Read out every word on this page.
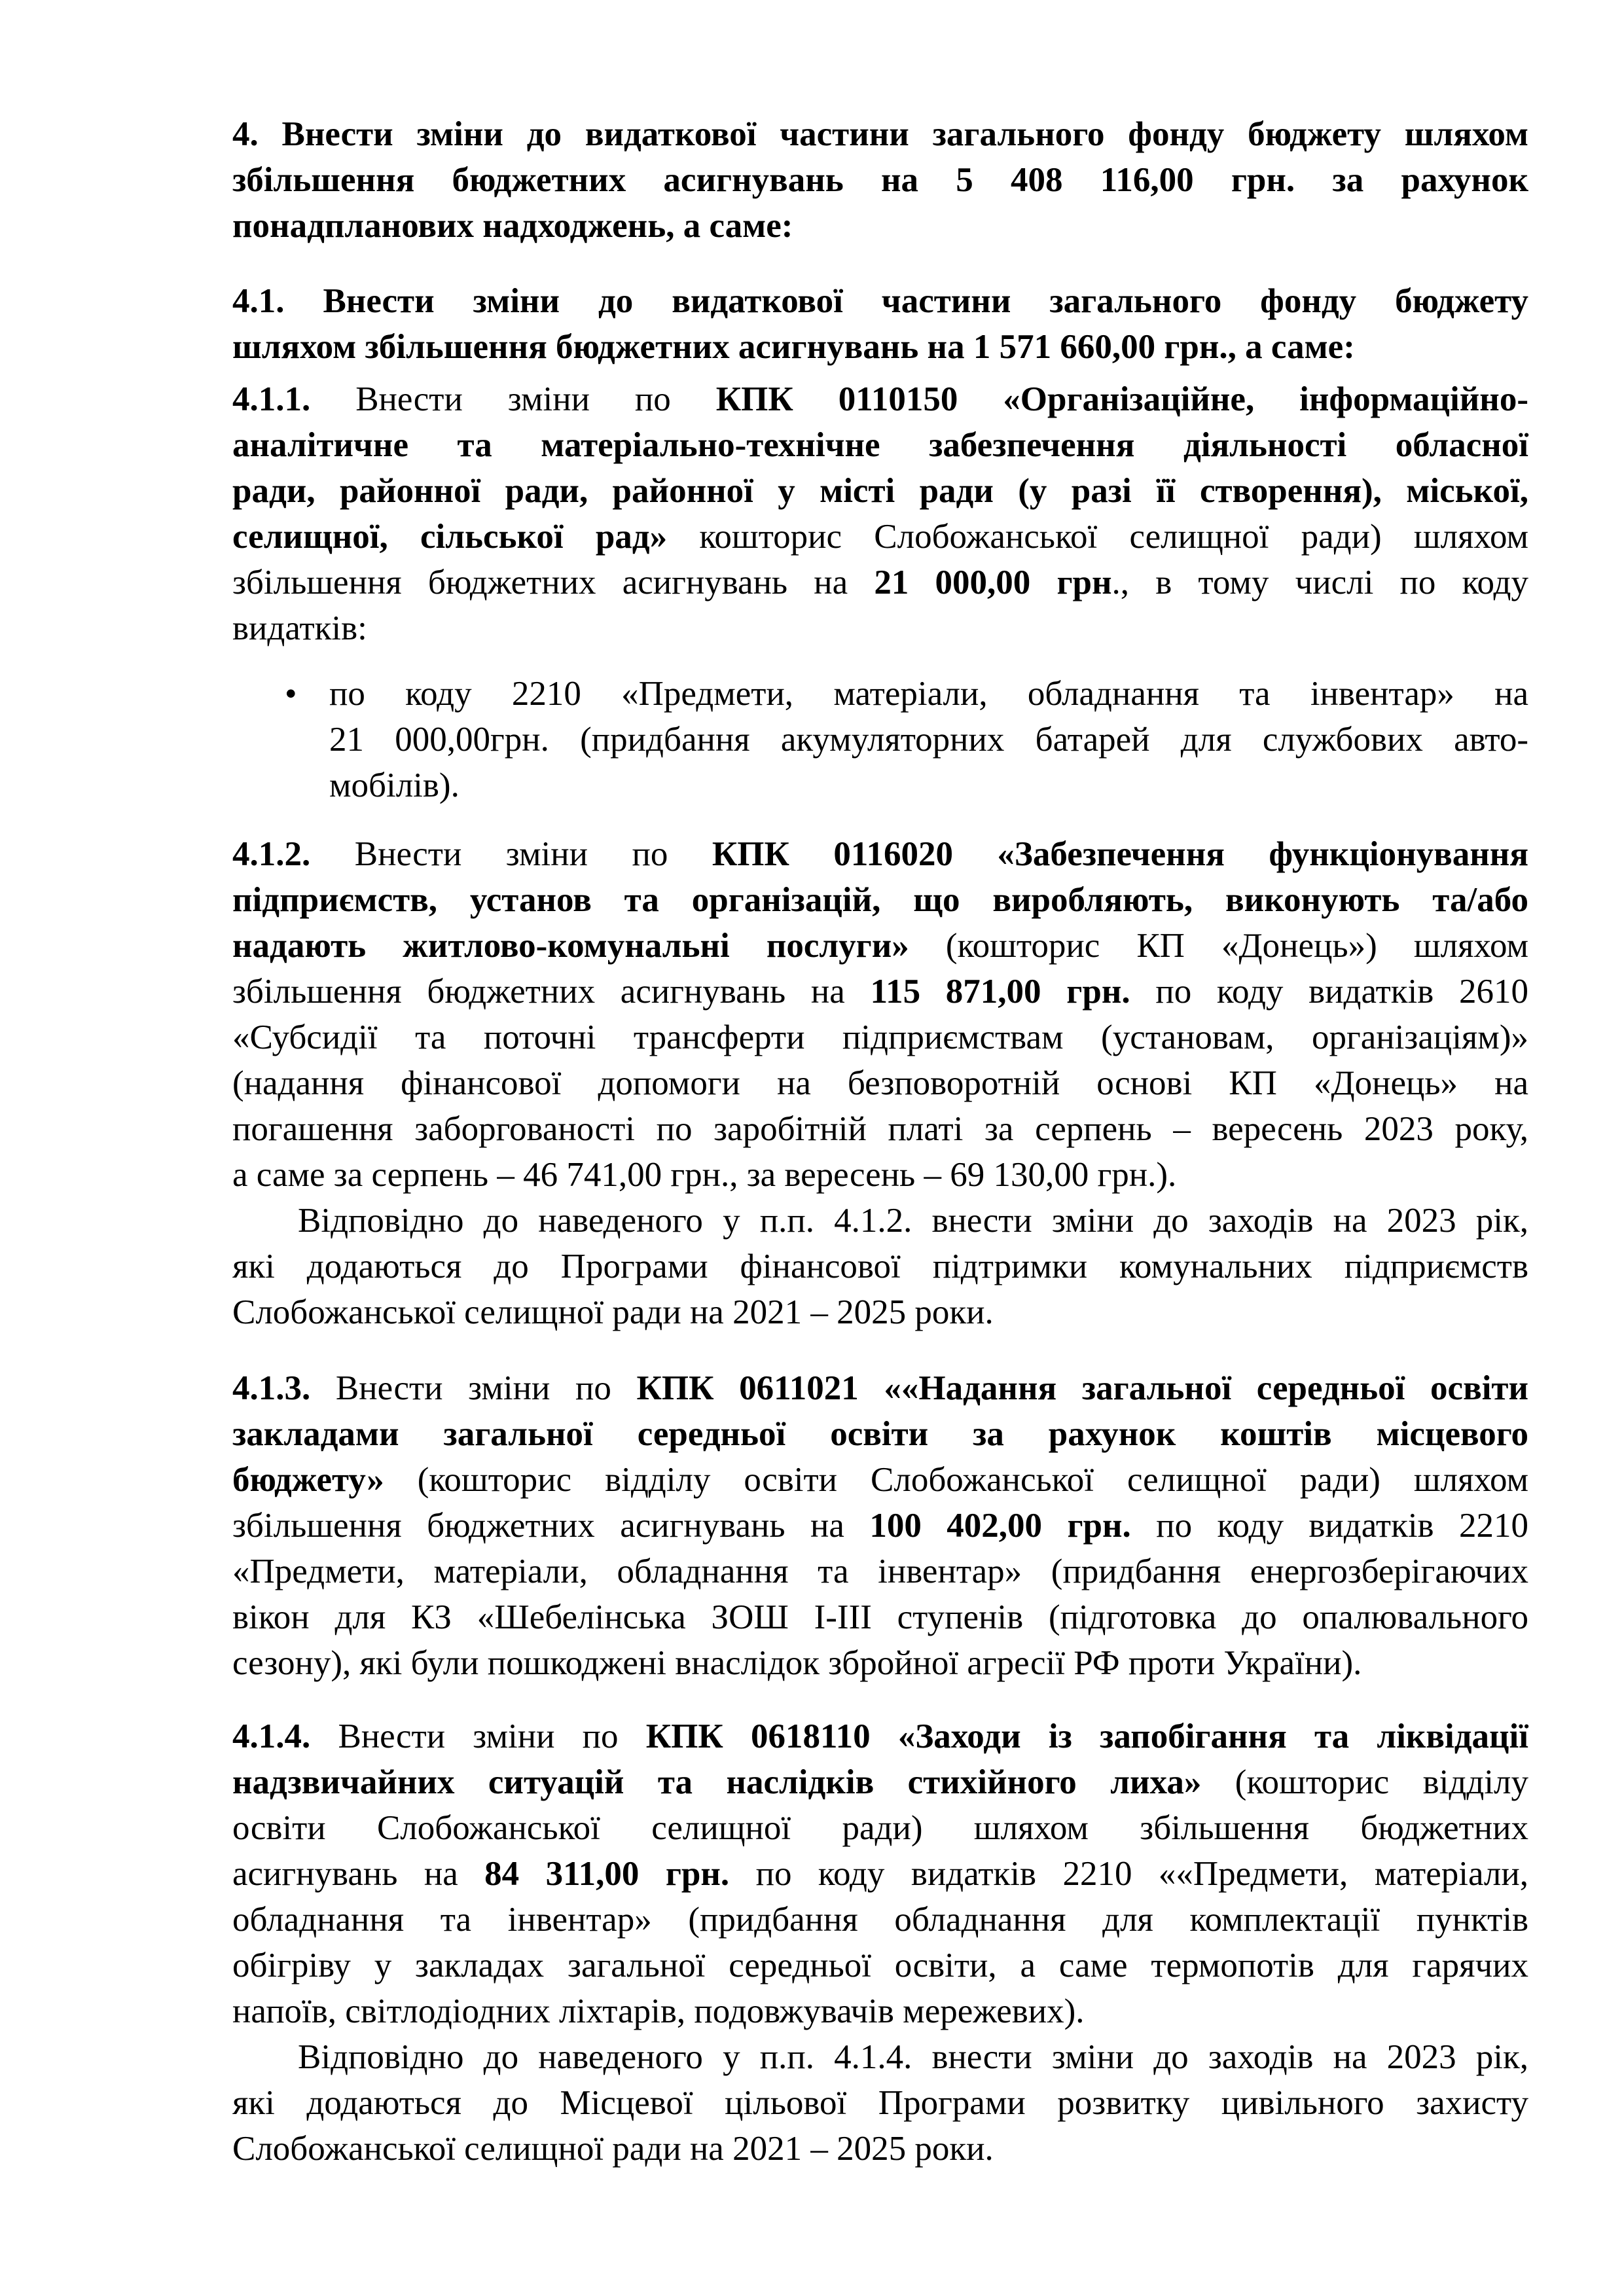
4. Внести зміни до видаткової частини загального фонду бюджету шляхом
збільшення бюджетних асигнувань на 5 408 116,00 грн. за рахунок
понадпланових надходжень, а саме:
4.1. Внести зміни до видаткової частини загального фонду бюджету
шляхом збільшення бюджетних асигнувань на 1 571 660,00 грн., а саме:
4.1.1. Внести зміни по КПК 0110150 «Організаційне, інформаційно-
аналітичне та матеріально-технічне забезпечення діяльності обласної
ради, районної ради, районної у місті ради (у разі її створення), міської,
селищної, сільської рад» кошторис Слобожанської селищної ради) шляхом
збільшення бюджетних асигнувань на 21 000,00 грн., в тому числі по коду
видатків:
• по коду 2210 «Предмети, матеріали, обладнання та інвентар» на
21 000,00грн. (придбання акумуляторних батарей для службових авто-
мобілів).
4.1.2. Внести зміни по КПК 0116020 «Забезпечення функціонування
підприємств, установ та організацій, що виробляють, виконують та/або
надають житлово-комунальні послуги» (кошторис КП «Донець») шляхом
збільшення бюджетних асигнувань на 115 871,00 грн. по коду видатків 2610
«Субсидії та поточні трансферти підприємствам (установам, організаціям)»
(надання фінансової допомоги на безповоротній основі КП «Донець» на
погашення заборгованості по заробітній платі за серпень – вересень 2023 року,
а саме за серпень – 46 741,00 грн., за вересень – 69 130,00 грн.).
Відповідно до наведеного у п.п. 4.1.2. внести зміни до заходів на 2023 рік,
які додаються до Програми фінансової підтримки комунальних підприємств
Слобожанської селищної ради на 2021 – 2025 роки.
4.1.3. Внести зміни по КПК 0611021 ««Надання загальної середньої освіти
закладами загальної середньої освіти за рахунок коштів місцевого
бюджету» (кошторис відділу освіти Слобожанської селищної ради) шляхом
збільшення бюджетних асигнувань на 100 402,00 грн. по коду видатків 2210
«Предмети, матеріали, обладнання та інвентар» (придбання енергозберігаючих
вікон для КЗ «Шебелінська ЗОШ І-ІІІ ступенів (підготовка до опалювального
сезону), які були пошкоджені внаслідок збройної агресії РФ проти України).
4.1.4. Внести зміни по КПК 0618110 «Заходи із запобігання та ліквідації
надзвичайних ситуацій та наслідків стихійного лиха» (кошторис відділу
освіти Слобожанської селищної ради) шляхом збільшення бюджетних
асигнувань на 84 311,00 грн. по коду видатків 2210 ««Предмети, матеріали,
обладнання та інвентар» (придбання обладнання для комплектації пунктів
обігріву у закладах загальної середньої освіти, а саме термопотів для гарячих
напоїв, світлодіодних ліхтарів, подовжувачів мережевих).
Відповідно до наведеного у п.п. 4.1.4. внести зміни до заходів на 2023 рік,
які додаються до Місцевої цільової Програми розвитку цивільного захисту
Слобожанської селищної ради на 2021 – 2025 роки.
